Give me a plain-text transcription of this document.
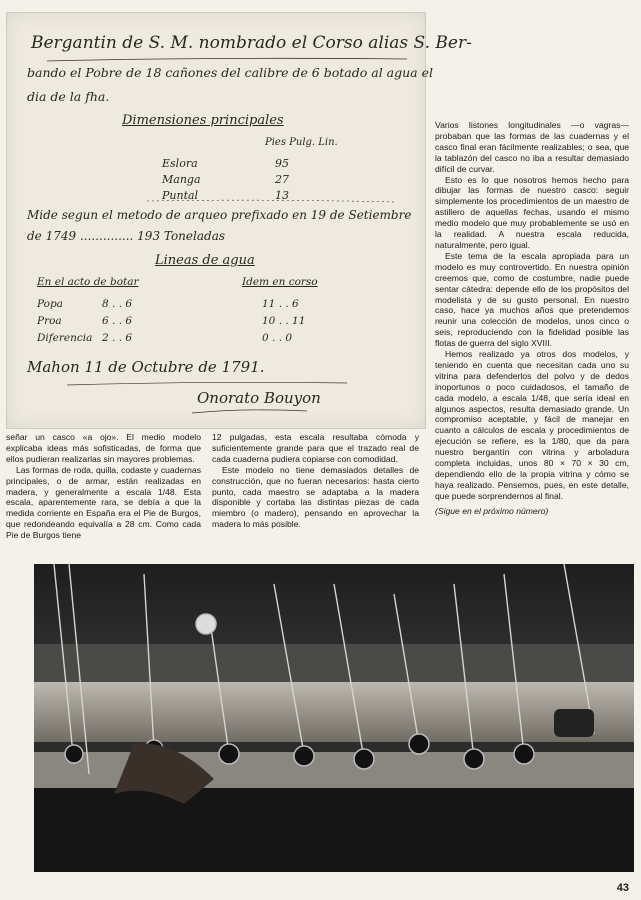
Bergantin de S. M. nombrado el Corso alias S. Ber-

bando el Pobre de 18 cañones del calibre de 6 botado al agua el

dia de la fha.

Dimensiones principales

Pies Pulg. Lin.

Eslora	95

Manga	27

Puntal	13

Mide segun el metodo de arqueo prefixado en 19 de Setiembre

de 1749 .............. 193 Toneladas

Lineas de agua

En el acto de botar	Idem en corso

Popa	8 . . 6	11 . . 6

Proa	6 . . 6	10 . . 11

Diferencia 2 . . 6	0 . . 0

Mahon 11 de Octubre de 1791.

Onorato Bouyon

Varios listones longitudinales —o vagras— probaban que las formas de las cuadernas y el casco final eran fácilmente realizables; o sea, que la tablazón del casco no iba a resultar demasiado difícil de curvar.

Esto es lo que nosotros hemos hecho para dibujar las formas de nuestro casco: seguir simplemente los procedimientos de un maestro de astillero de aquellas fechas, usando el mismo medio modelo que muy probablemente se usó en la realidad. A nuestra escala reducida, naturalmente, pero igual.

Este tema de la escala apropiada para un modelo es muy controvertido. En nuestra opinión creemos que, como de costumbre, nadie puede sentar cátedra: depende ello de los propósitos del modelista y de su gusto personal. En nuestro caso, hace ya muchos años que pretendemos reunir una colección de modelos, unos cinco o seis, reproduciendo con la fidelidad posible las flotas de guerra del siglo XVIII.

Hemos realizado ya otros dos modelos, y teniendo en cuenta que necesitan cada uno su vitrina para defenderlos del polvo y de dedos inoportunos o poco cuidadosos, el tamaño de cada modelo, a escala 1/48, que sería ideal en algunos aspectos, resulta demasiado grande. Un compromiso aceptable, y fácil de manejar en cuanto a cálculos de escala y procedimientos de ejecución se refiere, es la 1/80, que da para nuestro bergantín con vitrina y arboladura completa incluidas, unos 80 × 70 × 30 cm, dependiendo ello de la propia vitrina y cómo se haya realizado. Pensemos, pues, en este detalle, que puede sorprendernos al final.

(Sigue en el próximo número)

señar un casco «a ojo». El medio modelo explicaba ideas más sofisticadas, de forma que ellos pudieran realizarlas sin mayores problemas.

Las formas de roda, quilla, codaste y cuadernas principales, o de armar, están realizadas en madera, y generalmente a escala 1/48. Esta escala, aparentemente rara, se debía a que la medida corriente en España era el Pie de Burgos, que redondeando equivalía a 28 cm. Como cada Pie de Burgos tiene

12 pulgadas, esta escala resultaba cómoda y suficientemente grande para que el trazado real de cada cuaderna pudiera copiarse con comodidad.

Este modelo no tiene demasiados detalles de construcción, que no fueran necesarios: hasta cierto punto, cada maestro se adaptaba a la madera disponible y cortaba las distintas piezas de cada miembro (o madero), pensando en aprovechar la madera lo más posible.

43
